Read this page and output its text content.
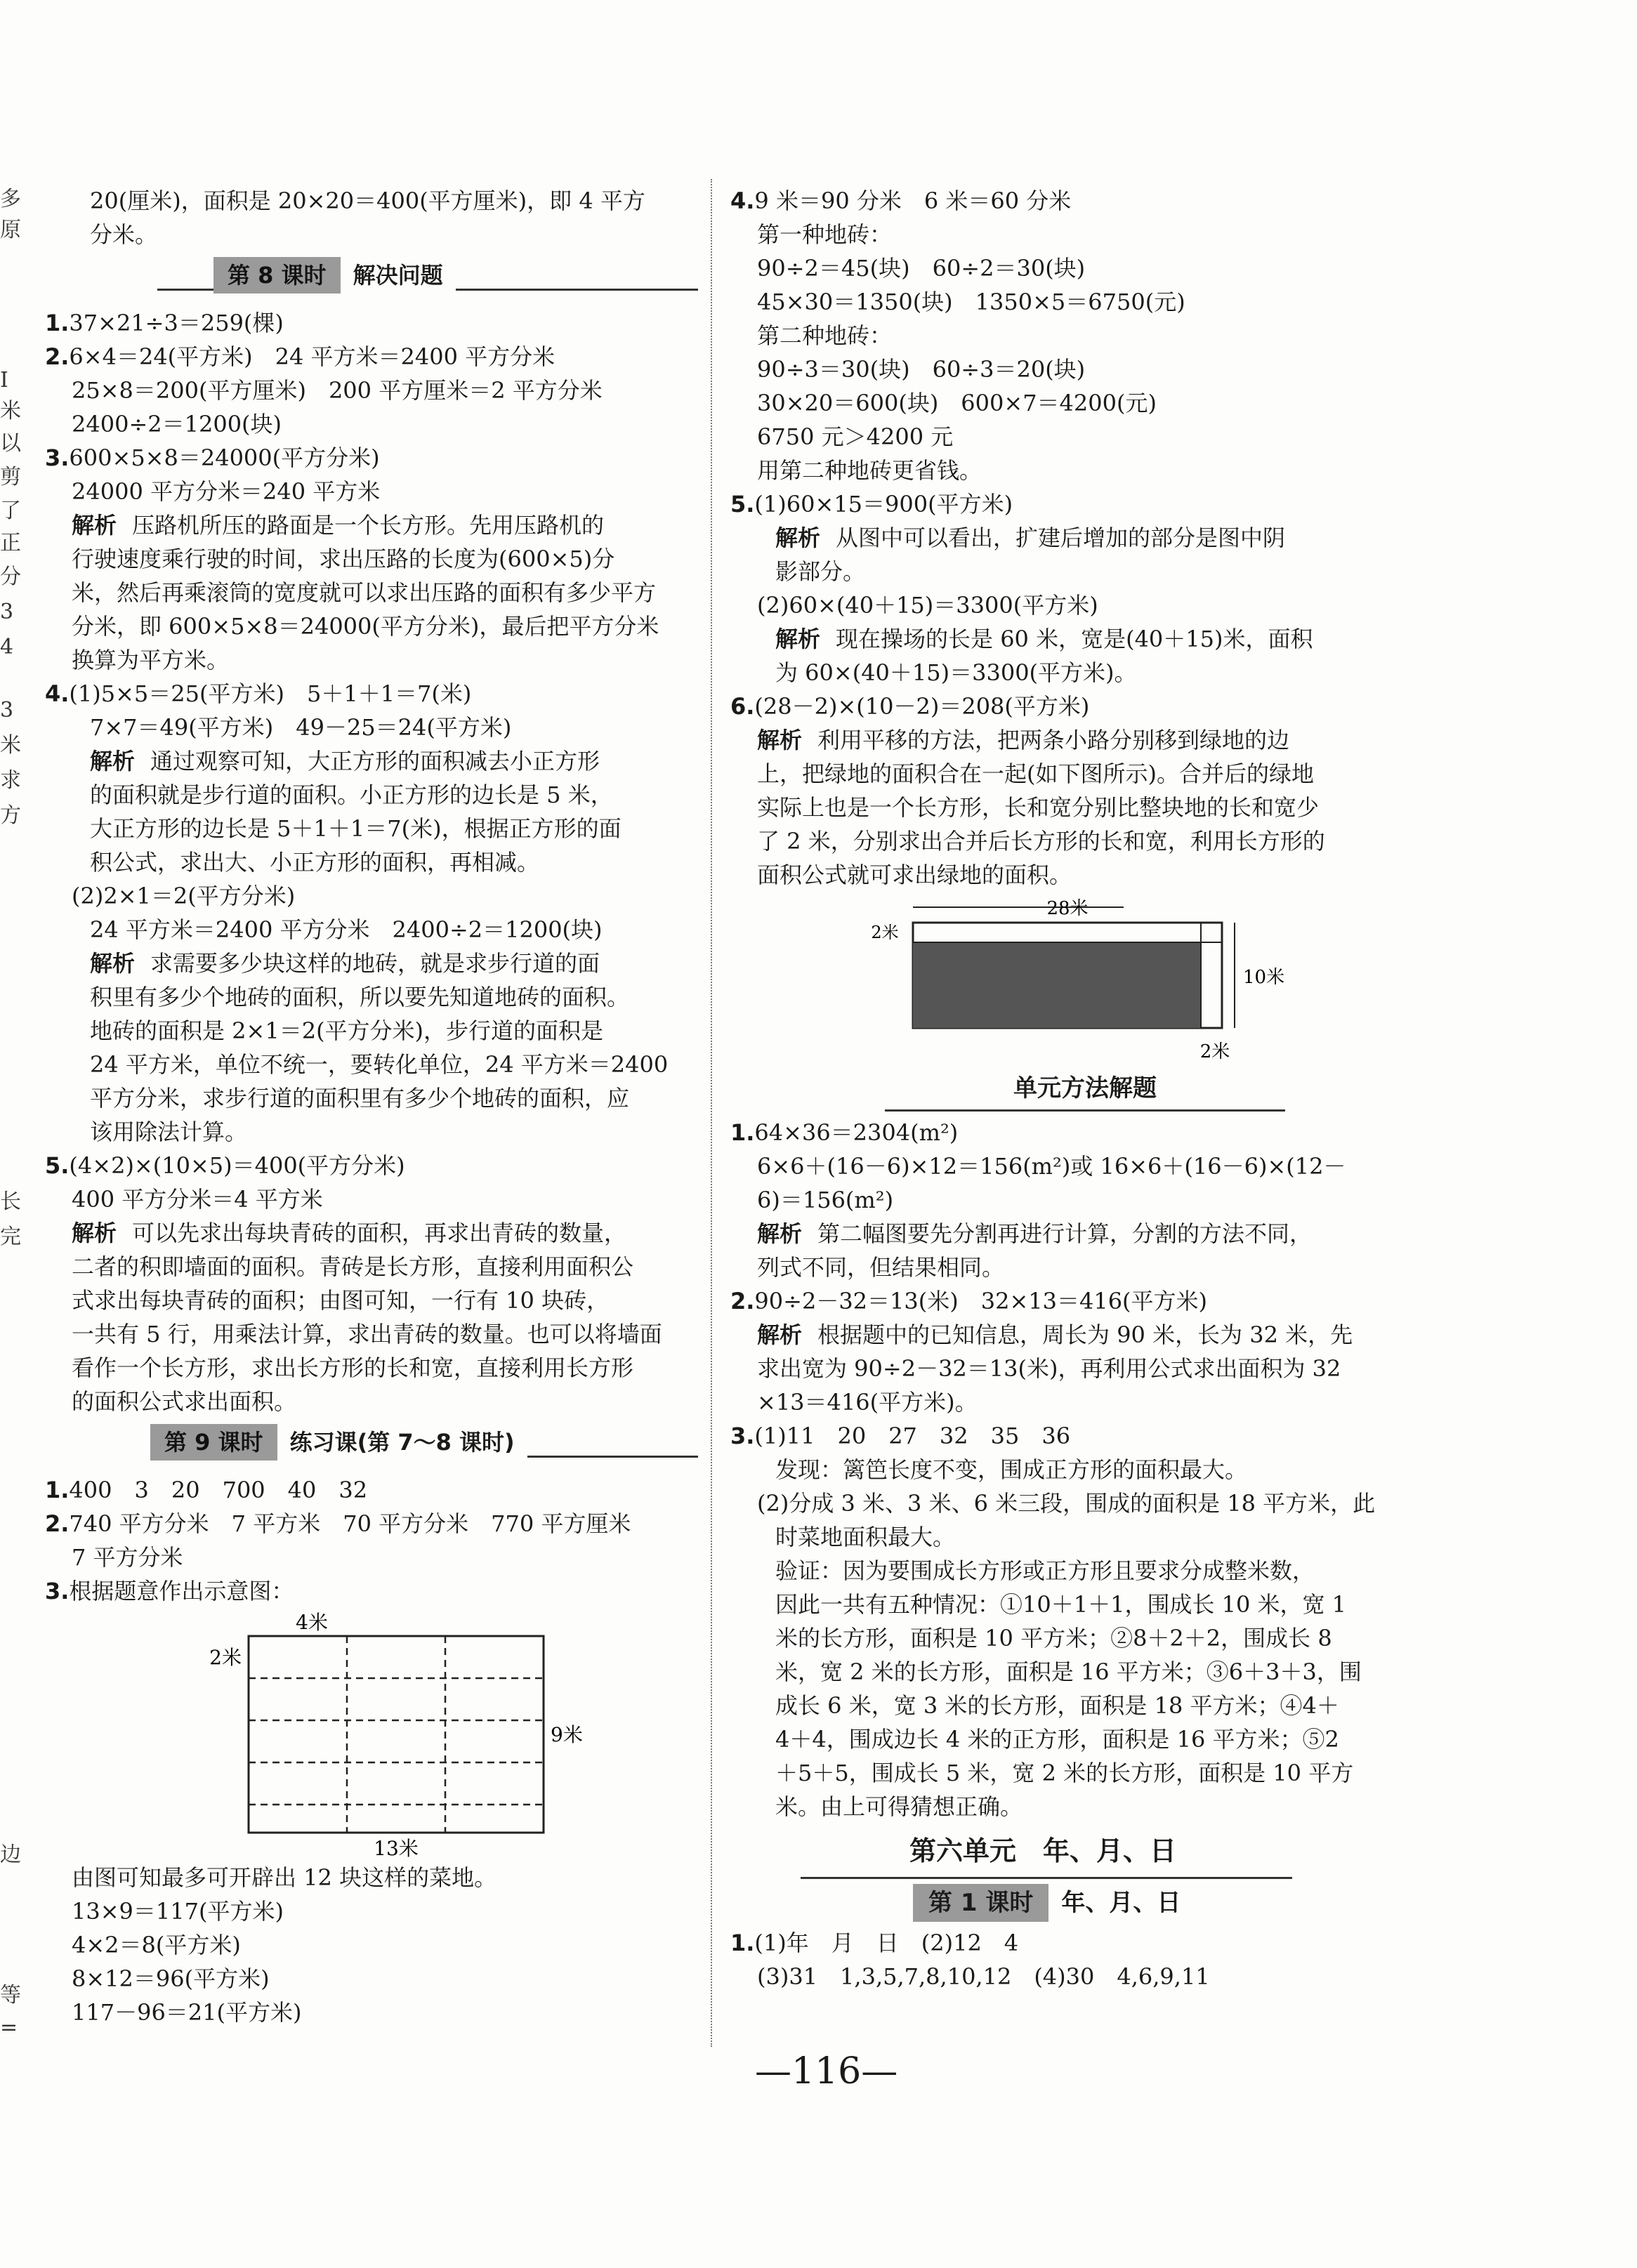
多
原
I
米
以
剪
了
正
分
3
4
3
米
求
方
长
完
边
等
=
20(厘米)，面积是 20×20＝400(平方厘米)，即 4 平方
分米。
第 8 课时	解决问题
1.37×21÷3＝259(棵)
2.6×4＝24(平方米)　24 平方米＝2400 平方分米
25×8＝200(平方厘米)　200 平方厘米＝2 平方分米
2400÷2＝1200(块)
3.600×5×8＝24000(平方分米)
24000 平方分米＝240 平方米
解析 压路机所压的路面是一个长方形。先用压路机的
行驶速度乘行驶的时间，求出压路的长度为(600×5)分
米，然后再乘滚筒的宽度就可以求出压路的面积有多少平方
分米，即 600×5×8＝24000(平方分米)，最后把平方分米
换算为平方米。
4.(1)5×5＝25(平方米)　5＋1＋1＝7(米)
7×7＝49(平方米)　49－25＝24(平方米)
解析 通过观察可知，大正方形的面积减去小正方形
的面积就是步行道的面积。小正方形的边长是 5 米，
大正方形的边长是 5＋1＋1＝7(米)，根据正方形的面
积公式，求出大、小正方形的面积，再相减。
(2)2×1＝2(平方分米)
24 平方米＝2400 平方分米　2400÷2＝1200(块)
解析 求需要多少块这样的地砖，就是求步行道的面
积里有多少个地砖的面积，所以要先知道地砖的面积。
地砖的面积是 2×1＝2(平方分米)，步行道的面积是
24 平方米，单位不统一，要转化单位，24 平方米＝2400
平方分米，求步行道的面积里有多少个地砖的面积，应
该用除法计算。
5.(4×2)×(10×5)＝400(平方分米)
400 平方分米＝4 平方米
解析 可以先求出每块青砖的面积，再求出青砖的数量，
二者的积即墙面的面积。青砖是长方形，直接利用面积公
式求出每块青砖的面积；由图可知，一行有 10 块砖，
一共有 5 行，用乘法计算，求出青砖的数量。也可以将墙面
看作一个长方形，求出长方形的长和宽，直接利用长方形
的面积公式求出面积。
第 9 课时	练习课(第 7～8 课时)
1.400　3　20　700　40　32
2.740 平方分米　7 平方米　70 平方分米　770 平方厘米
7 平方分米
3.根据题意作出示意图：
4米
2米
9米
13米
由图可知最多可开辟出 12 块这样的菜地。
13×9＝117(平方米)
4×2＝8(平方米)
8×12＝96(平方米)
117－96＝21(平方米)
4.9 米＝90 分米　6 米＝60 分米
第一种地砖：
90÷2＝45(块)　60÷2＝30(块)
45×30＝1350(块)　1350×5＝6750(元)
第二种地砖：
90÷3＝30(块)　60÷3＝20(块)
30×20＝600(块)　600×7＝4200(元)
6750 元＞4200 元
用第二种地砖更省钱。
5.(1)60×15＝900(平方米)
解析 从图中可以看出，扩建后增加的部分是图中阴
影部分。
(2)60×(40＋15)＝3300(平方米)
解析 现在操场的长是 60 米，宽是(40＋15)米，面积
为 60×(40＋15)＝3300(平方米)。
6.(28－2)×(10－2)＝208(平方米)
解析 利用平移的方法，把两条小路分别移到绿地的边
上，把绿地的面积合在一起(如下图所示)。合并后的绿地
实际上也是一个长方形，长和宽分别比整块地的长和宽少
了 2 米，分别求出合并后长方形的长和宽，利用长方形的
面积公式就可求出绿地的面积。
28米
2米
10米
2米
单元方法解题
1.64×36＝2304(m²)
6×6＋(16－6)×12＝156(m²)或 16×6＋(16－6)×(12－
6)＝156(m²)
解析 第二幅图要先分割再进行计算，分割的方法不同，
列式不同，但结果相同。
2.90÷2－32＝13(米)　32×13＝416(平方米)
解析 根据题中的已知信息，周长为 90 米，长为 32 米，先
求出宽为 90÷2－32＝13(米)，再利用公式求出面积为 32
×13＝416(平方米)。
3.(1)11　20　27　32　35　36
发现：篱笆长度不变，围成正方形的面积最大。
(2)分成 3 米、3 米、6 米三段，围成的面积是 18 平方米，此
时菜地面积最大。
验证：因为要围成长方形或正方形且要求分成整米数，
因此一共有五种情况：①10＋1＋1，围成长 10 米，宽 1
米的长方形，面积是 10 平方米；②8＋2＋2，围成长 8
米，宽 2 米的长方形，面积是 16 平方米；③6＋3＋3，围
成长 6 米，宽 3 米的长方形，面积是 18 平方米；④4＋
4＋4，围成边长 4 米的正方形，面积是 16 平方米；⑤2
＋5＋5，围成长 5 米，宽 2 米的长方形，面积是 10 平方
米。由上可得猜想正确。
第六单元　年、月、日
第 1 课时	年、月、日
1.(1)年　月　日　(2)12　4
(3)31　1,3,5,7,8,10,12　(4)30　4,6,9,11
—116—
